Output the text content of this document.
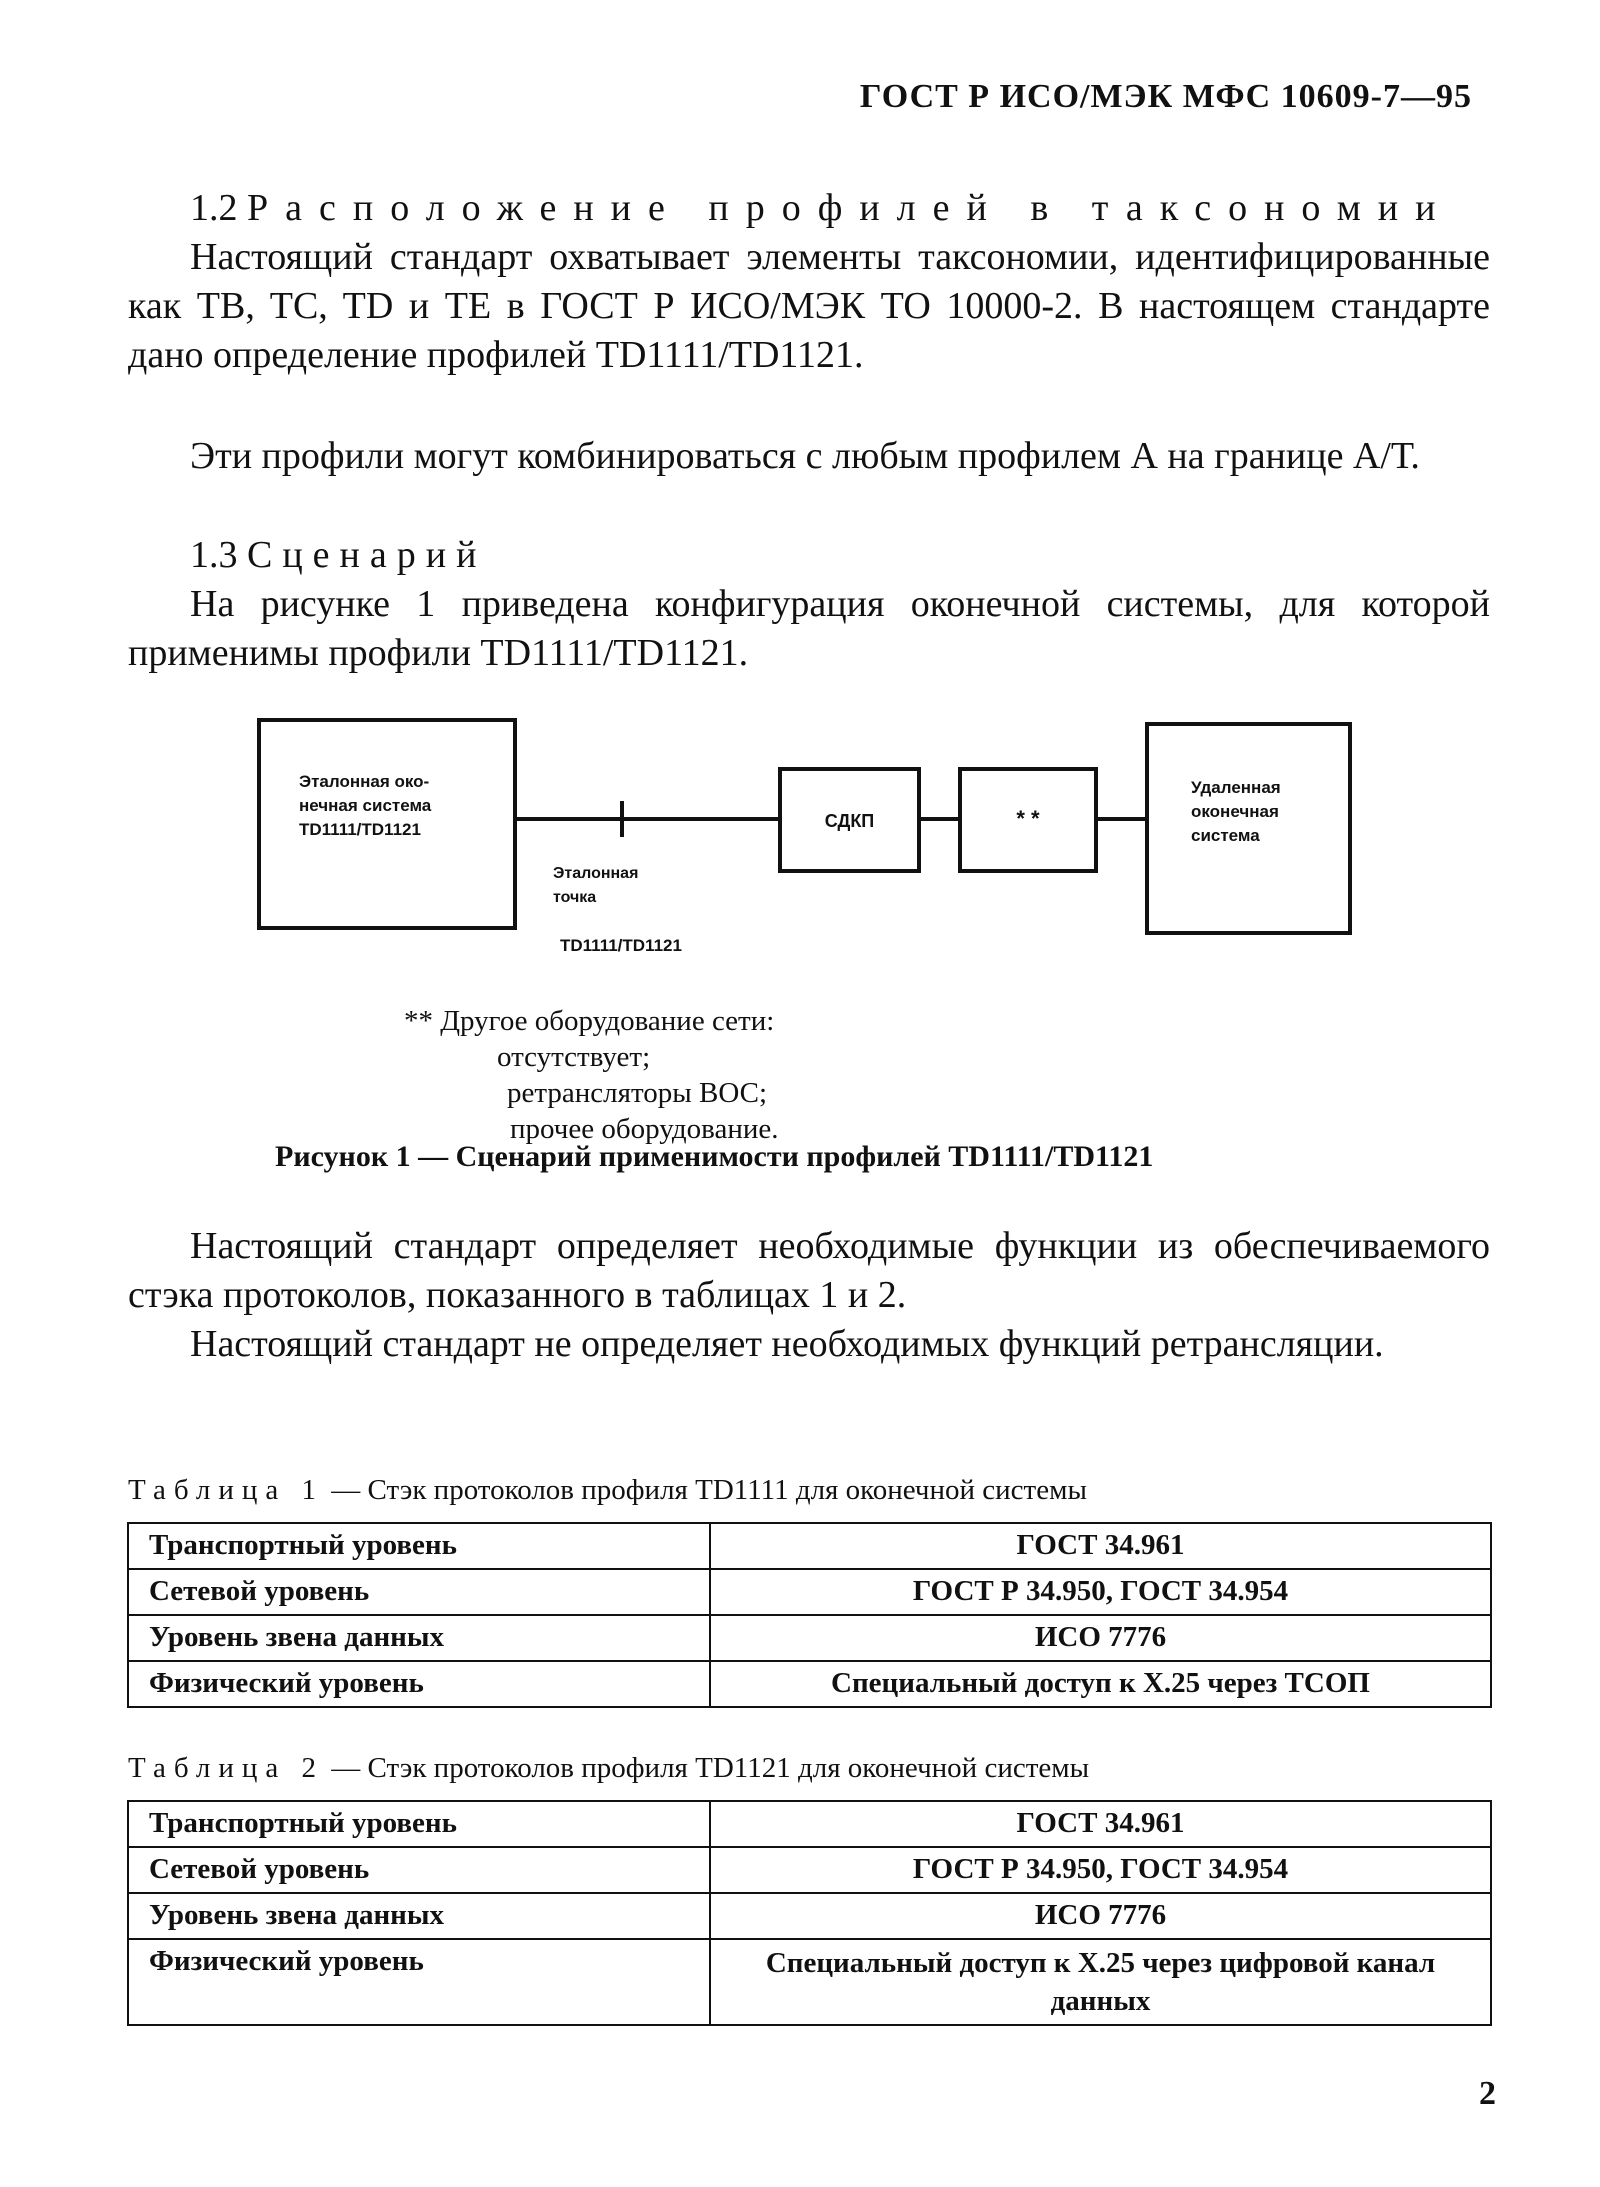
ГОСТ Р ИСО/МЭК МФС 10609-7—95
1.2 Расположение профилей в таксономии
Настоящий стандарт охватывает элементы таксономии, идентифицированные как TB, TC, TD и TE в ГОСТ Р ИСО/МЭК ТО 10000-2. В настоящем стандарте дано определение профилей TD1111/TD1121.
Эти профили могут комбинироваться с любым профилем А на границе А/Т.
1.3 Сценарий
На рисунке 1 приведена конфигурация оконечной системы, для которой применимы профили TD1111/TD1121.
Эталонная око-
нечная система
TD1111/TD1121
Эталонная
точка
TD1111/TD1121
СДКП	* *
Удаленная
оконечная
система
** Другое оборудование сети:
отсутствует;
ретрансляторы ВОС;
прочее оборудование.
Рисунок 1 — Сценарий применимости профилей TD1111/TD1121
Настоящий стандарт определяет необходимые функции из обеспечиваемого стэка протоколов, показанного в таблицах 1 и 2.
Настоящий стандарт не определяет необходимых функций ретрансляции.
Таблица 1 — Стэк протоколов профиля TD1111 для оконечной системы
Транспортный уровень	ГОСТ 34.961
Сетевой уровень	ГОСТ Р 34.950, ГОСТ 34.954
Уровень звена данных	ИСО 7776
Физический уровень	Специальный доступ к X.25 через ТСОП
Таблица 2 — Стэк протоколов профиля TD1121 для оконечной системы
Транспортный уровень	ГОСТ 34.961
Сетевой уровень	ГОСТ Р 34.950, ГОСТ 34.954
Уровень звена данных	ИСО 7776
Физический уровень	Специальный доступ к X.25 через цифровой канал данных
2
